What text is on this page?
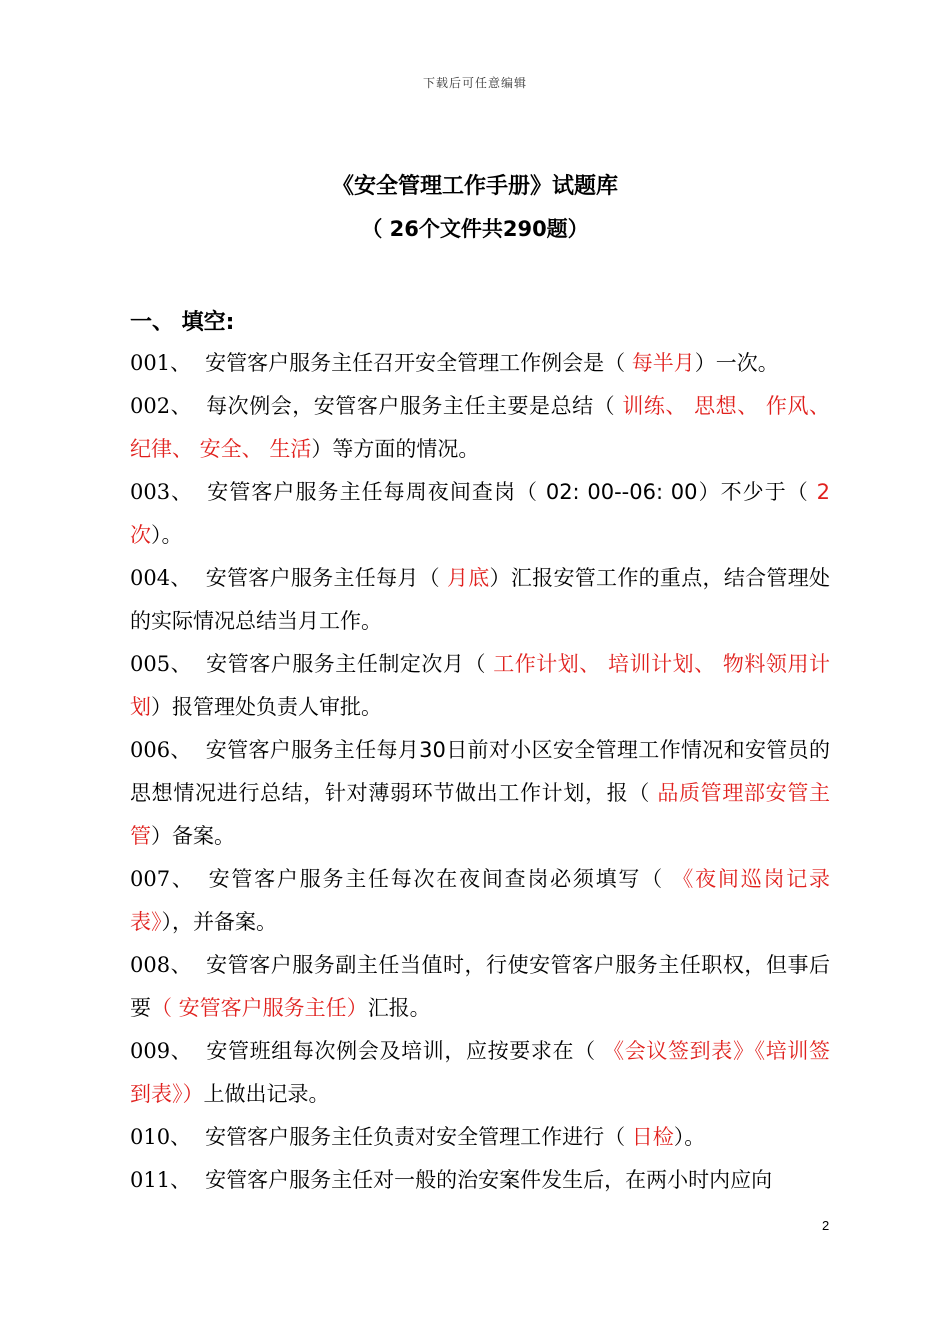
下载后可任意编辑
《安全管理工作手册》试题库
（ 26个文件共290题）
一、 填空:
001、 安管客户服务主任召开安全管理工作例会是（ 每半月）一次。
002、 每次例会，安管客户服务主任主要是总结（ 训练、 思想、 作风、 纪律、 安全、 生活）等方面的情况。
003、 安管客户服务主任每周夜间查岗（ 02: 00--06: 00）不少于（ 2次）。
004、 安管客户服务主任每月（ 月底）汇报安管工作的重点，结合管理处的实际情况总结当月工作。
005、 安管客户服务主任制定次月（ 工作计划、 培训计划、 物料领用计划）报管理处负责人审批。
006、 安管客户服务主任每月30日前对小区安全管理工作情况和安管员的思想情况进行总结，针对薄弱环节做出工作计划，报（ 品质管理部安管主管）备案。
007、 安管客户服务主任每次在夜间查岗必须填写（ 《夜间巡岗记录表》），并备案。
008、 安管客户服务副主任当值时，行使安管客户服务主任职权，但事后要（ 安管客户服务主任）汇报。
009、 安管班组每次例会及培训，应按要求在（ 《会议签到表》《培训签到表》）上做出记录。
010、 安管客户服务主任负责对安全管理工作进行（ 日检）。
011、 安管客户服务主任对一般的治安案件发生后，在两小时内应向
2
